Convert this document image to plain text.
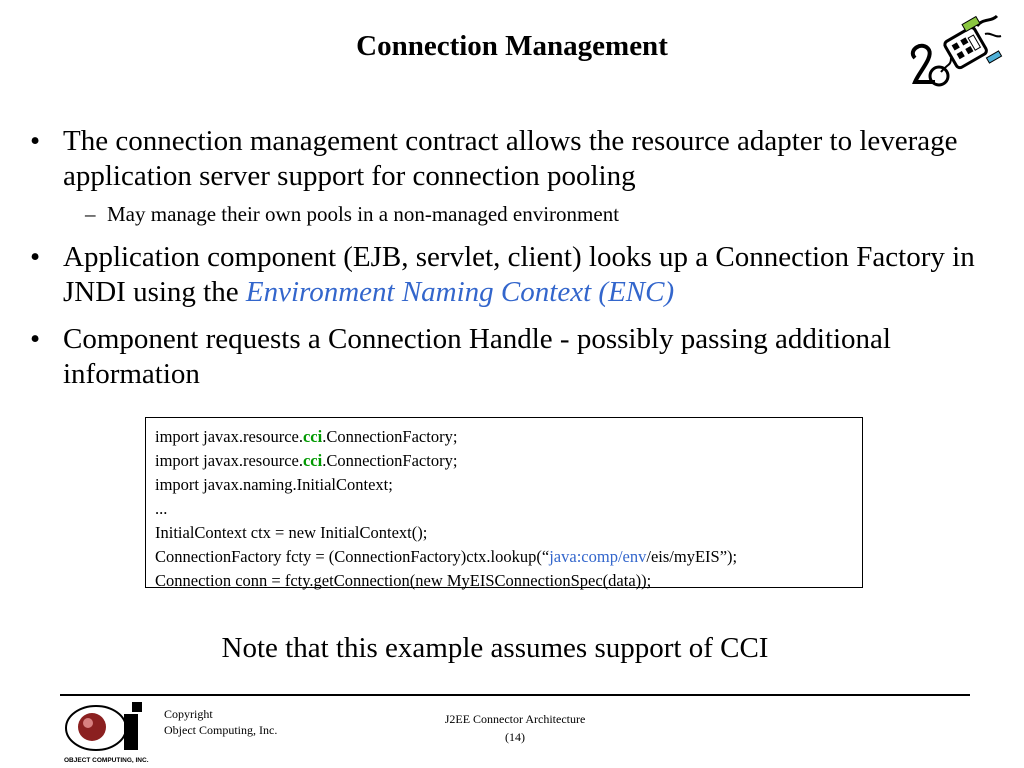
Connection Management
• The connection management contract allows the resource adapter to leverage application server support for connection pooling
– May manage their own pools in a non-managed environment
• Application component (EJB, servlet, client) looks up a Connection Factory in JNDI using the Environment Naming Context (ENC)
• Component requests a Connection Handle - possibly passing additional information
import javax.resource.cci.ConnectionFactory;
import javax.resource.cci.ConnectionFactory;
import javax.naming.InitialContext;
...
InitialContext ctx = new InitialContext();
ConnectionFactory fcty = (ConnectionFactory)ctx.lookup(“java:comp/env/eis/myEIS”);
Connection conn = fcty.getConnection(new MyEISConnectionSpec(data));
Note that this example assumes support of CCI
OBJECT COMPUTING, INC.
Copyright
Object Computing, Inc.
J2EE Connector Architecture
(14)
